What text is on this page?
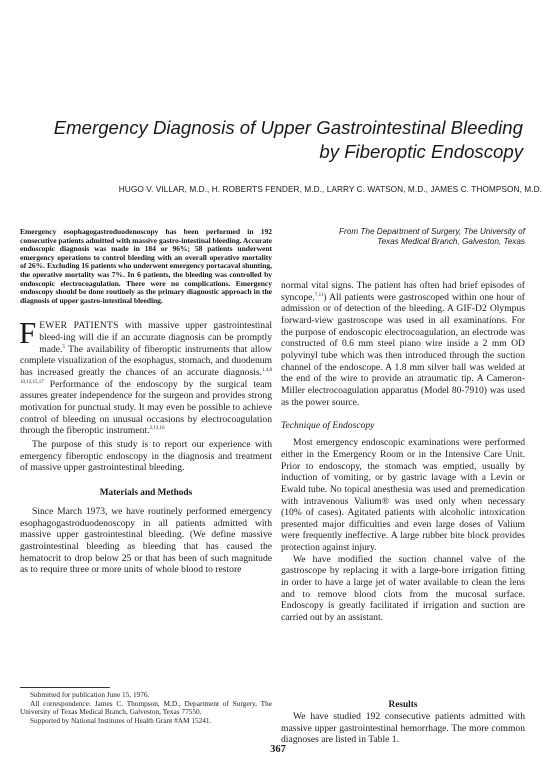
Emergency Diagnosis of Upper Gastrointestinal Bleeding
by Fiberoptic Endoscopy
HUGO V. VILLAR, M.D., H. ROBERTS FENDER, M.D., LARRY C. WATSON, M.D., JAMES C. THOMPSON, M.D.

Emergency esophagogastroduodenoscopy has been performed in 192 consecutive patients admitted with massive gastro-intestinal bleeding. Accurate endoscopic diagnosis was made in 184 or 96%; 58 patients underwent emergency operations to control bleeding with an overall operative mortality of 26%. Excluding 16 patients who underwent emergency portacaval shunting, the operative mortality was 7%. In 6 patients, the bleeding was controlled by endoscopic electrocoagulation. There were no complications. Emergency endoscopy should be done routinely as the primary diagnostic approach in the diagnosis of upper gastro-intestinal bleeding.

FEWER PATIENTS with massive upper gastrointestinal bleed-ing will die if an accurate diagnosis can be promptly made.$^5$ The availability of fiberoptic instruments that allow complete visualization of the esophagus, stomach, and duodenum has increased greatly the chances of an accurate diagnosis.$^{1,4,8 10,12,15,17}$ Performance of the endoscopy by the surgical team assures greater independence for the surgeon and provides strong motivation for punctual study. It may even be possible to achieve control of bleeding on unusual occasions by electrocoagulation through the fiberoptic instrument.$^{2,13,16}$

The purpose of this study is to report our experience with emergency fiberoptic endoscopy in the diagnosis and treatment of massive upper gastrointestinal bleeding.

Materials and Methods

Since March 1973, we have routinely performed emergency esophagogastroduodenoscopy in all patients admitted with massive upper gastrointestinal bleeding. (We define massive gastrointestinal bleeding as bleeding that has caused the hematocrit to drop below 25 or that has been of such magnitude as to require three or more units of whole blood to restore

From The Department of Surgery, The University of
Texas Medical Branch, Galveston, Texas

normal vital signs. The patient has often had brief episodes of syncope.$^{7,11}$) All patients were gastroscoped within one hour of admission or of detection of the bleeding. A GIF-D2 Olympus forward-view gastroscope was used in all examinations. For the purpose of endoscopic electrocoagulation, an electrode was constructed of 0.6 mm steel piano wire inside a 2 mm OD polyvinyl tube which was then introduced through the suction channel of the endoscope. A 1.8 mm silver ball was welded at the end of the wire to provide an atraumatic tip. A Cameron-Miller electrocoagulation apparatus (Model 80-7910) was used as the power source.

Technique of Endoscopy

Most emergency endoscopic examinations were performed either in the Emergency Room or in the Intensive Care Unit. Prior to endoscopy, the stomach was emptied, usually by induction of vomiting, or by gastric lavage with a Levin or Ewald tube. No topical anesthesia was used and premedication with intravenous Valium® was used only when necessary (10% of cases). Agitated patients with alcoholic intoxication presented major difficulties and even large doses of Valium were frequently ineffective. A large rubber bite block provides protection against injury.

We have modified the suction channel valve of the gastroscope by replacing it with a large-bore irrigation fitting in order to have a large jet of water available to clean the lens and to remove blood clots from the mucosal surface. Endoscopy is greatly facilitated if irrigation and suction are carried out by an assistant.

Submitted for publication June 15, 1976.

All correspondence: James C. Thompson, M.D., Department of Surgery, The University of Texas Medical Branch, Galveston, Texas 77550.

Supported by National Institutes of Health Grant #AM 15241.

Results

We have studied 192 consecutive patients admitted with massive upper gastrointestinal hemorrhage. The more common diagnoses are listed in Table 1.

367
